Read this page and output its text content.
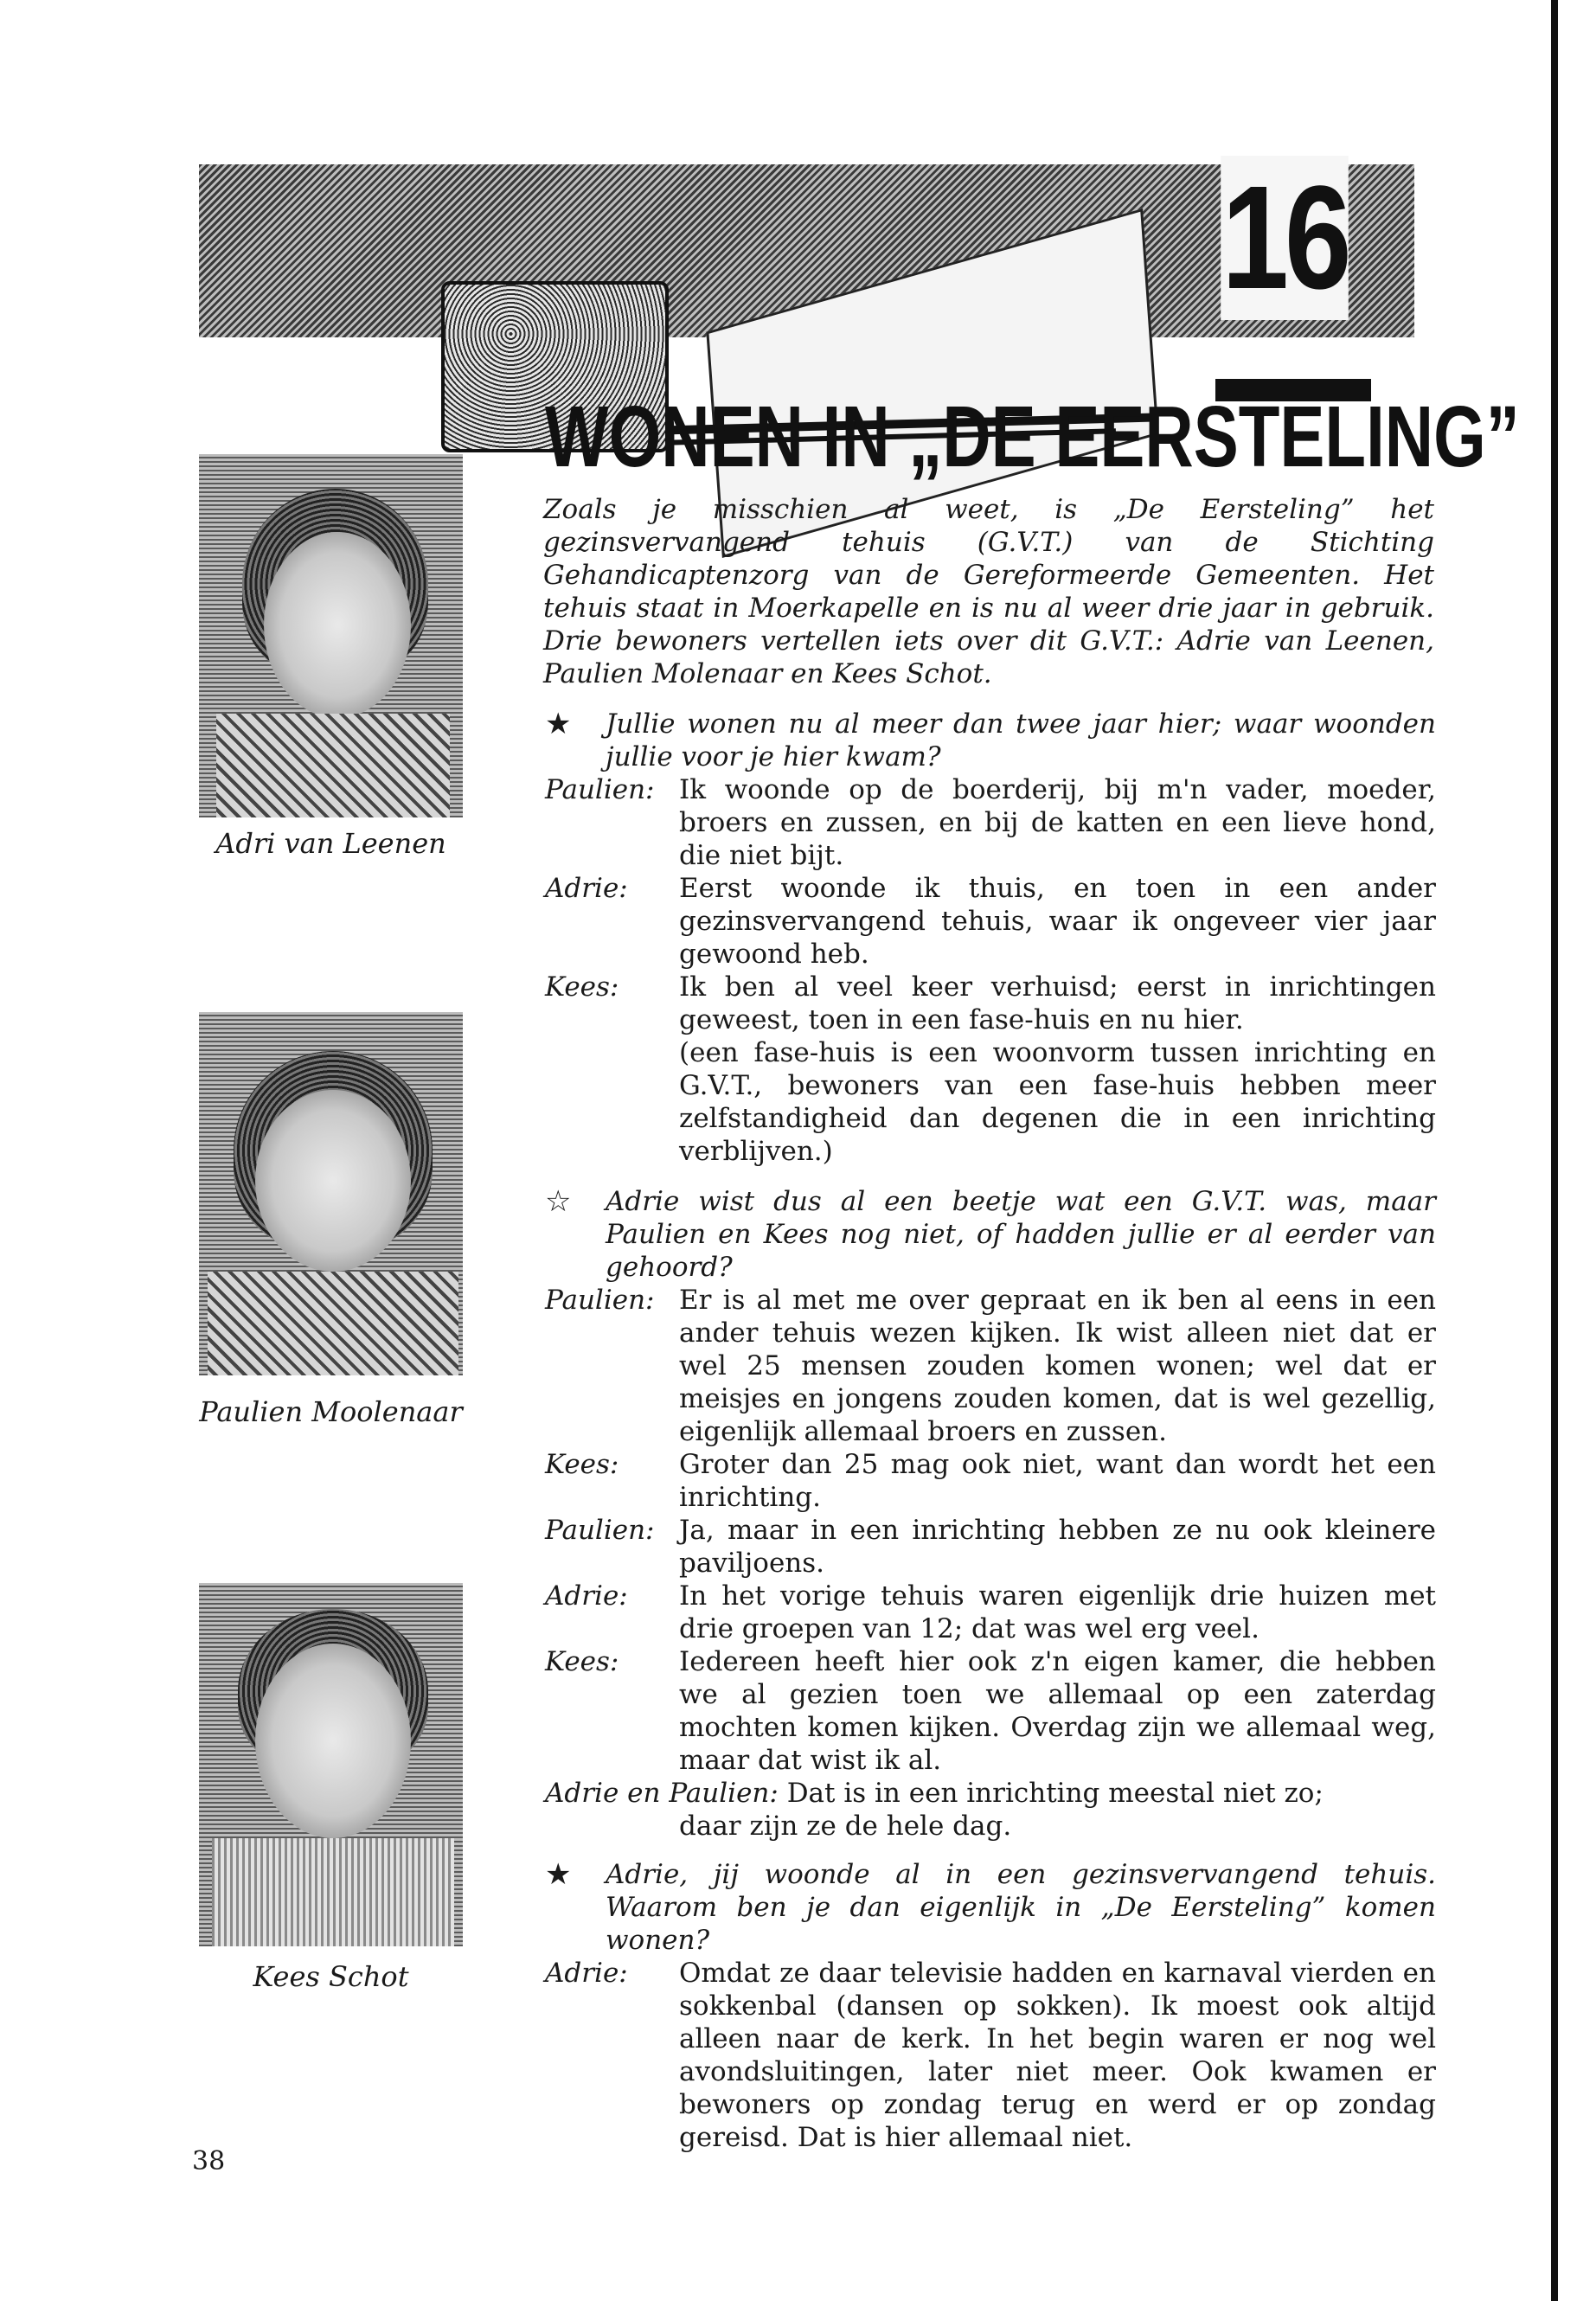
16
WONEN IN „DE EERSTELING”
Adri van Leenen
Paulien Moolenaar
Kees Schot
Zoals je misschien al weet, is „De Eersteling” het gezinsvervangend tehuis (G.V.T.) van de Stichting Gehandicaptenzorg van de Gereformeerde Gemeenten. Het tehuis staat in Moerkapelle en is nu al weer drie jaar in gebruik. Drie bewoners vertellen iets over dit G.V.T.: Adrie van Leenen, Paulien Molenaar en Kees Schot.
★ Jullie wonen nu al meer dan twee jaar hier; waar woonden jullie voor je hier kwam?
Paulien: Ik woonde op de boerderij, bij m'n vader, moeder, broers en zussen, en bij de katten en een lieve hond, die niet bijt.
Adrie: Eerst woonde ik thuis, en toen in een ander gezinsvervangend tehuis, waar ik ongeveer vier jaar gewoond heb.
Kees: Ik ben al veel keer verhuisd; eerst in inrichtingen geweest, toen in een fase-huis en nu hier.
(een fase-huis is een woonvorm tussen inrichting en G.V.T., bewoners van een fase-huis hebben meer zelfstandigheid dan degenen die in een inrichting verblijven.)
☆ Adrie wist dus al een beetje wat een G.V.T. was, maar Paulien en Kees nog niet, of hadden jullie er al eerder van gehoord?
Paulien: Er is al met me over gepraat en ik ben al eens in een ander tehuis wezen kijken. Ik wist alleen niet dat er wel 25 mensen zouden komen wonen; wel dat er meisjes en jongens zouden komen, dat is wel gezellig, eigenlijk allemaal broers en zussen.
Kees: Groter dan 25 mag ook niet, want dan wordt het een inrichting.
Paulien: Ja, maar in een inrichting hebben ze nu ook kleinere paviljoens.
Adrie: In het vorige tehuis waren eigenlijk drie huizen met drie groepen van 12; dat was wel erg veel.
Kees: Iedereen heeft hier ook z'n eigen kamer, die hebben we al gezien toen we allemaal op een zaterdag mochten komen kijken. Overdag zijn we allemaal weg, maar dat wist ik al.
Adrie en Paulien: Dat is in een inrichting meestal niet zo;
daar zijn ze de hele dag.
★ Adrie, jij woonde al in een gezinsvervangend tehuis. Waarom ben je dan eigenlijk in „De Eersteling” komen wonen?
Adrie: Omdat ze daar televisie hadden en karnaval vierden en sokkenbal (dansen op sokken). Ik moest ook altijd alleen naar de kerk. In het begin waren er nog wel avondsluitingen, later niet meer. Ook kwamen er bewoners op zondag terug en werd er op zondag gereisd. Dat is hier allemaal niet.
38
